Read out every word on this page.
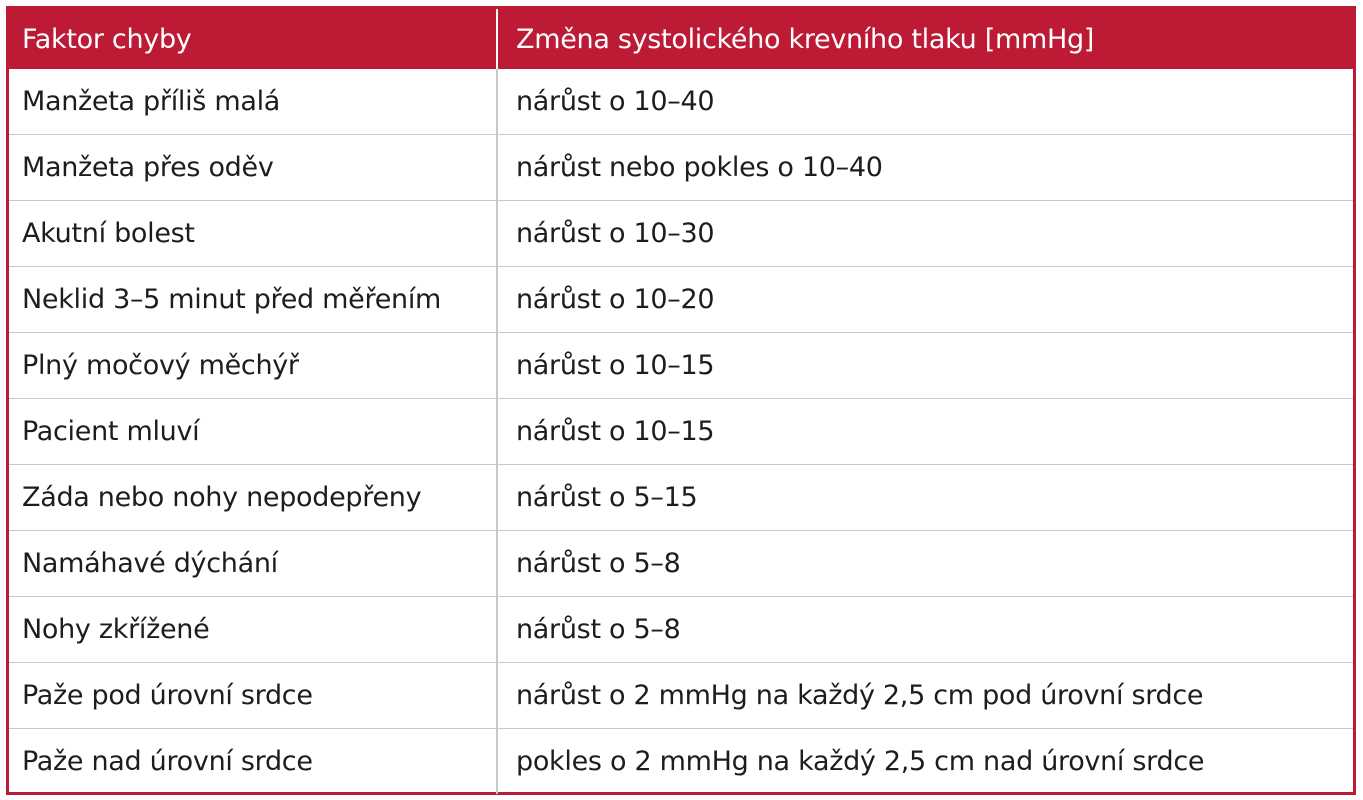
Faktor chyby	Změna systolického krevního tlaku [mmHg]
Manžeta příliš malá	nárůst o 10–40
Manžeta přes oděv	nárůst nebo pokles o 10–40
Akutní bolest	nárůst o 10–30
Neklid 3–5 minut před měřením	nárůst o 10–20
Plný močový měchýř	nárůst o 10–15
Pacient mluví	nárůst o 10–15
Záda nebo nohy nepodepřeny	nárůst o 5–15
Namáhavé dýchání	nárůst o 5–8
Nohy zkřížené	nárůst o 5–8
Paže pod úrovní srdce	nárůst o 2 mmHg na každý 2,5 cm pod úrovní srdce
Paže nad úrovní srdce	pokles o 2 mmHg na každý 2,5 cm nad úrovní srdce
